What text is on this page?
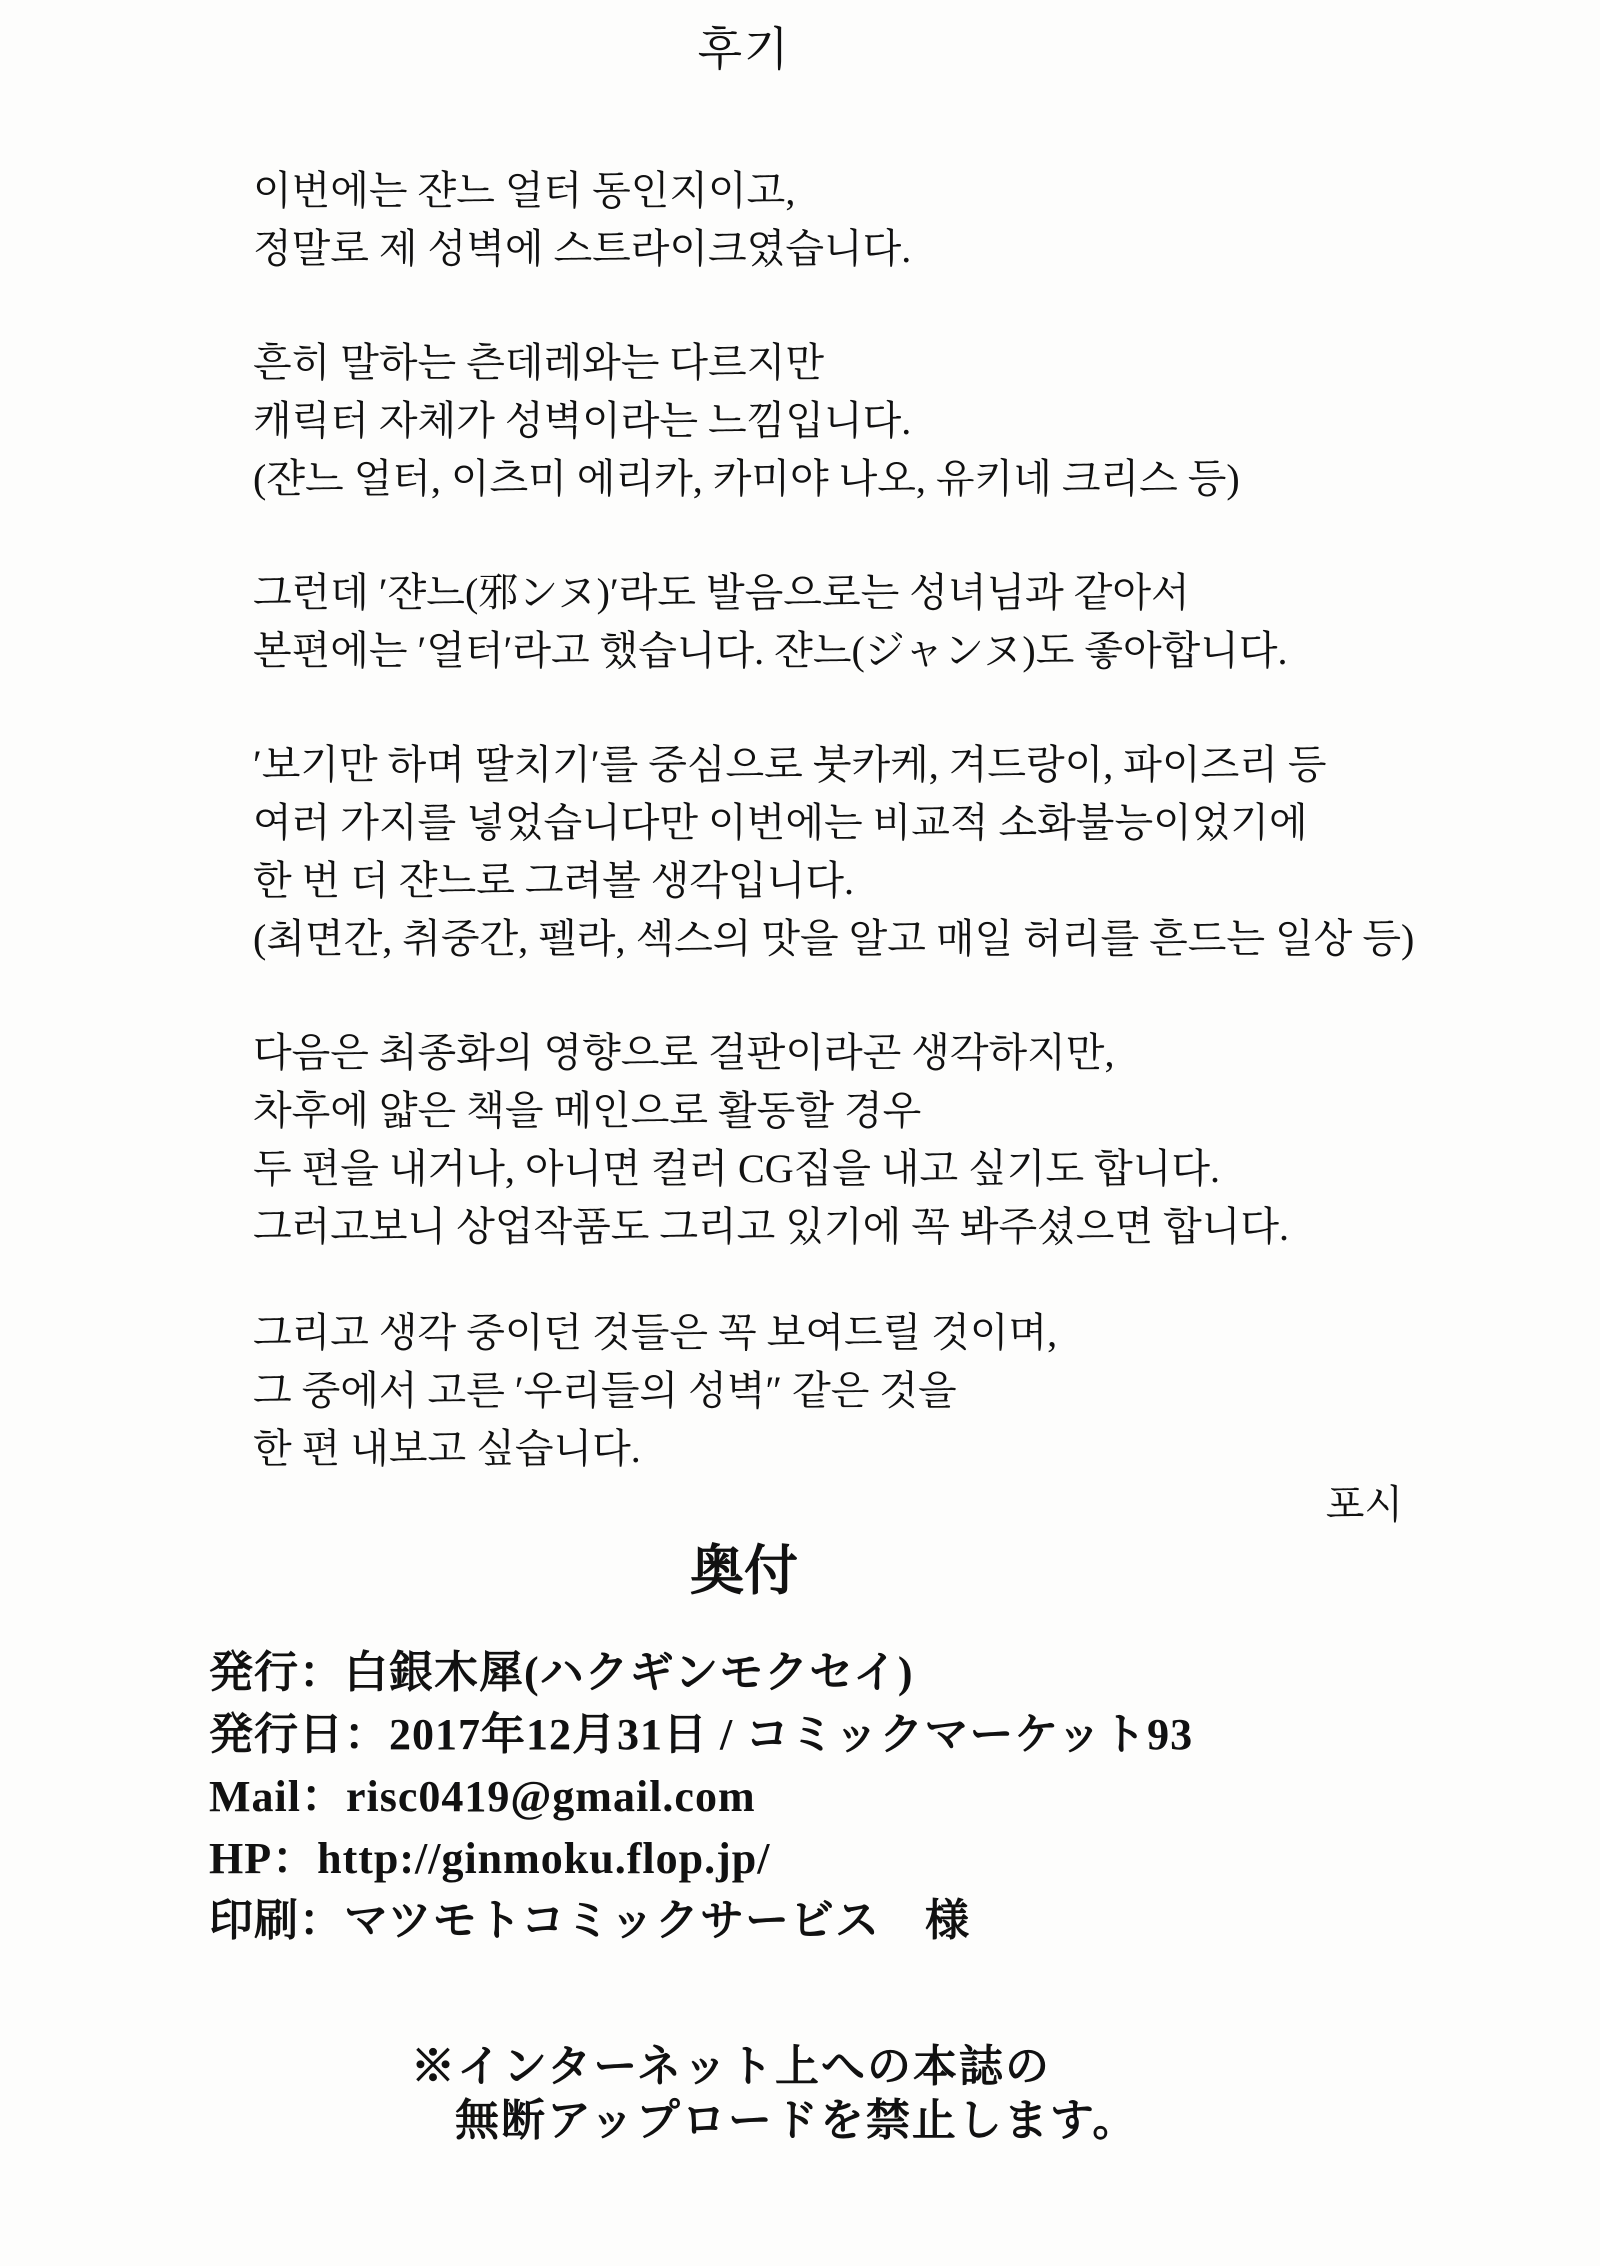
후기
이번에는 쟌느 얼터 동인지이고,
정말로 제 성벽에 스트라이크였습니다.
흔히 말하는 츤데레와는 다르지만
캐릭터 자체가 성벽이라는 느낌입니다.
(쟌느 얼터, 이츠미 에리카, 카미야 나오, 유키네 크리스 등)
그런데 ′쟌느(邪ンヌ)′라도 발음으로는 성녀님과 같아서
본편에는 ′얼터′라고 했습니다. 쟌느(ジャンヌ)도 좋아합니다.
′보기만 하며 딸치기′를 중심으로 붓카케, 겨드랑이, 파이즈리 등
여러 가지를 넣었습니다만 이번에는 비교적 소화불능이었기에
한 번 더 쟌느로 그려볼 생각입니다.
(최면간, 취중간, 펠라, 섹스의 맛을 알고 매일 허리를 흔드는 일상 등)
다음은 최종화의 영향으로 걸판이라곤 생각하지만,
차후에 얇은 책을 메인으로 활동할 경우
두 편을 내거나, 아니면 컬러 CG집을 내고 싶기도 합니다.
그러고보니 상업작품도 그리고 있기에 꼭 봐주셨으면 합니다.
그리고 생각 중이던 것들은 꼭 보여드릴 것이며,
그 중에서 고른 ′우리들의 성벽″ 같은 것을
한 편 내보고 싶습니다.
포시
奥付
発行：白銀木犀(ハクギンモクセイ)
発行日：2017年12月31日 / コミックマーケット93
Mail：risc0419@gmail.com
HP：http://ginmoku.flop.jp/
印刷：マツモトコミックサービス　様
※インターネット上への本誌の
無断アップロードを禁止します。
